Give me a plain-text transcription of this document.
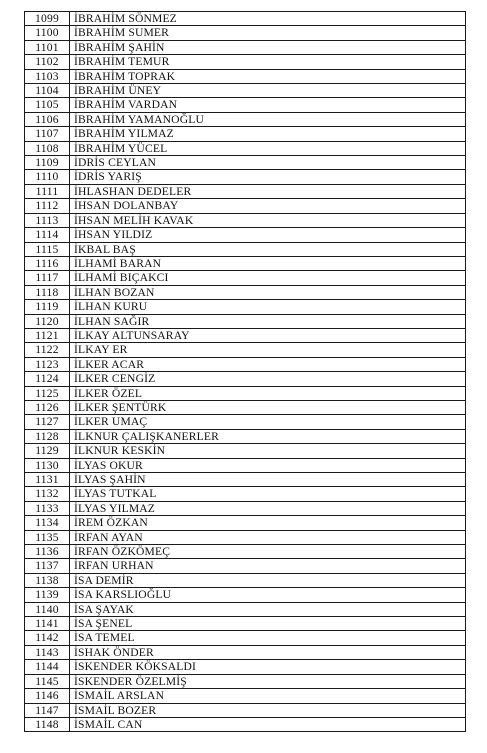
1099	İBRAHİM SÖNMEZ
1100	İBRAHİM SUMER
1101	İBRAHİM ŞAHİN
1102	İBRAHİM TEMUR
1103	İBRAHİM TOPRAK
1104	İBRAHİM ÜNEY
1105	İBRAHİM VARDAN
1106	İBRAHİM YAMANOĞLU
1107	İBRAHİM YILMAZ
1108	İBRAHİM YÜCEL
1109	İDRİS CEYLAN
1110	İDRİS YARIŞ
1111	İHLASHAN DEDELER
1112	İHSAN DOLANBAY
1113	İHSAN MELİH KAVAK
1114	İHSAN YILDIZ
1115	İKBAL BAŞ
1116	İLHAMİ BARAN
1117	İLHAMİ BIÇAKCI
1118	İLHAN BOZAN
1119	İLHAN KURU
1120	İLHAN SAĞIR
1121	İLKAY ALTUNSARAY
1122	İLKAY ER
1123	İLKER ACAR
1124	İLKER CENGİZ
1125	İLKER ÖZEL
1126	İLKER ŞENTÜRK
1127	İLKER UMAÇ
1128	İLKNUR ÇALIŞKANERLER
1129	İLKNUR KESKİN
1130	İLYAS OKUR
1131	İLYAS ŞAHİN
1132	İLYAS TUTKAL
1133	İLYAS YILMAZ
1134	İREM ÖZKAN
1135	İRFAN AYAN
1136	İRFAN ÖZKÖMEÇ
1137	İRFAN URHAN
1138	İSA DEMİR
1139	İSA KARSLIOĞLU
1140	İSA ŞAYAK
1141	İSA ŞENEL
1142	İSA TEMEL
1143	İSHAK ÖNDER
1144	İSKENDER KÖKSALDI
1145	İSKENDER ÖZELMİŞ
1146	İSMAİL ARSLAN
1147	İSMAİL BOZER
1148	İSMAİL CAN
